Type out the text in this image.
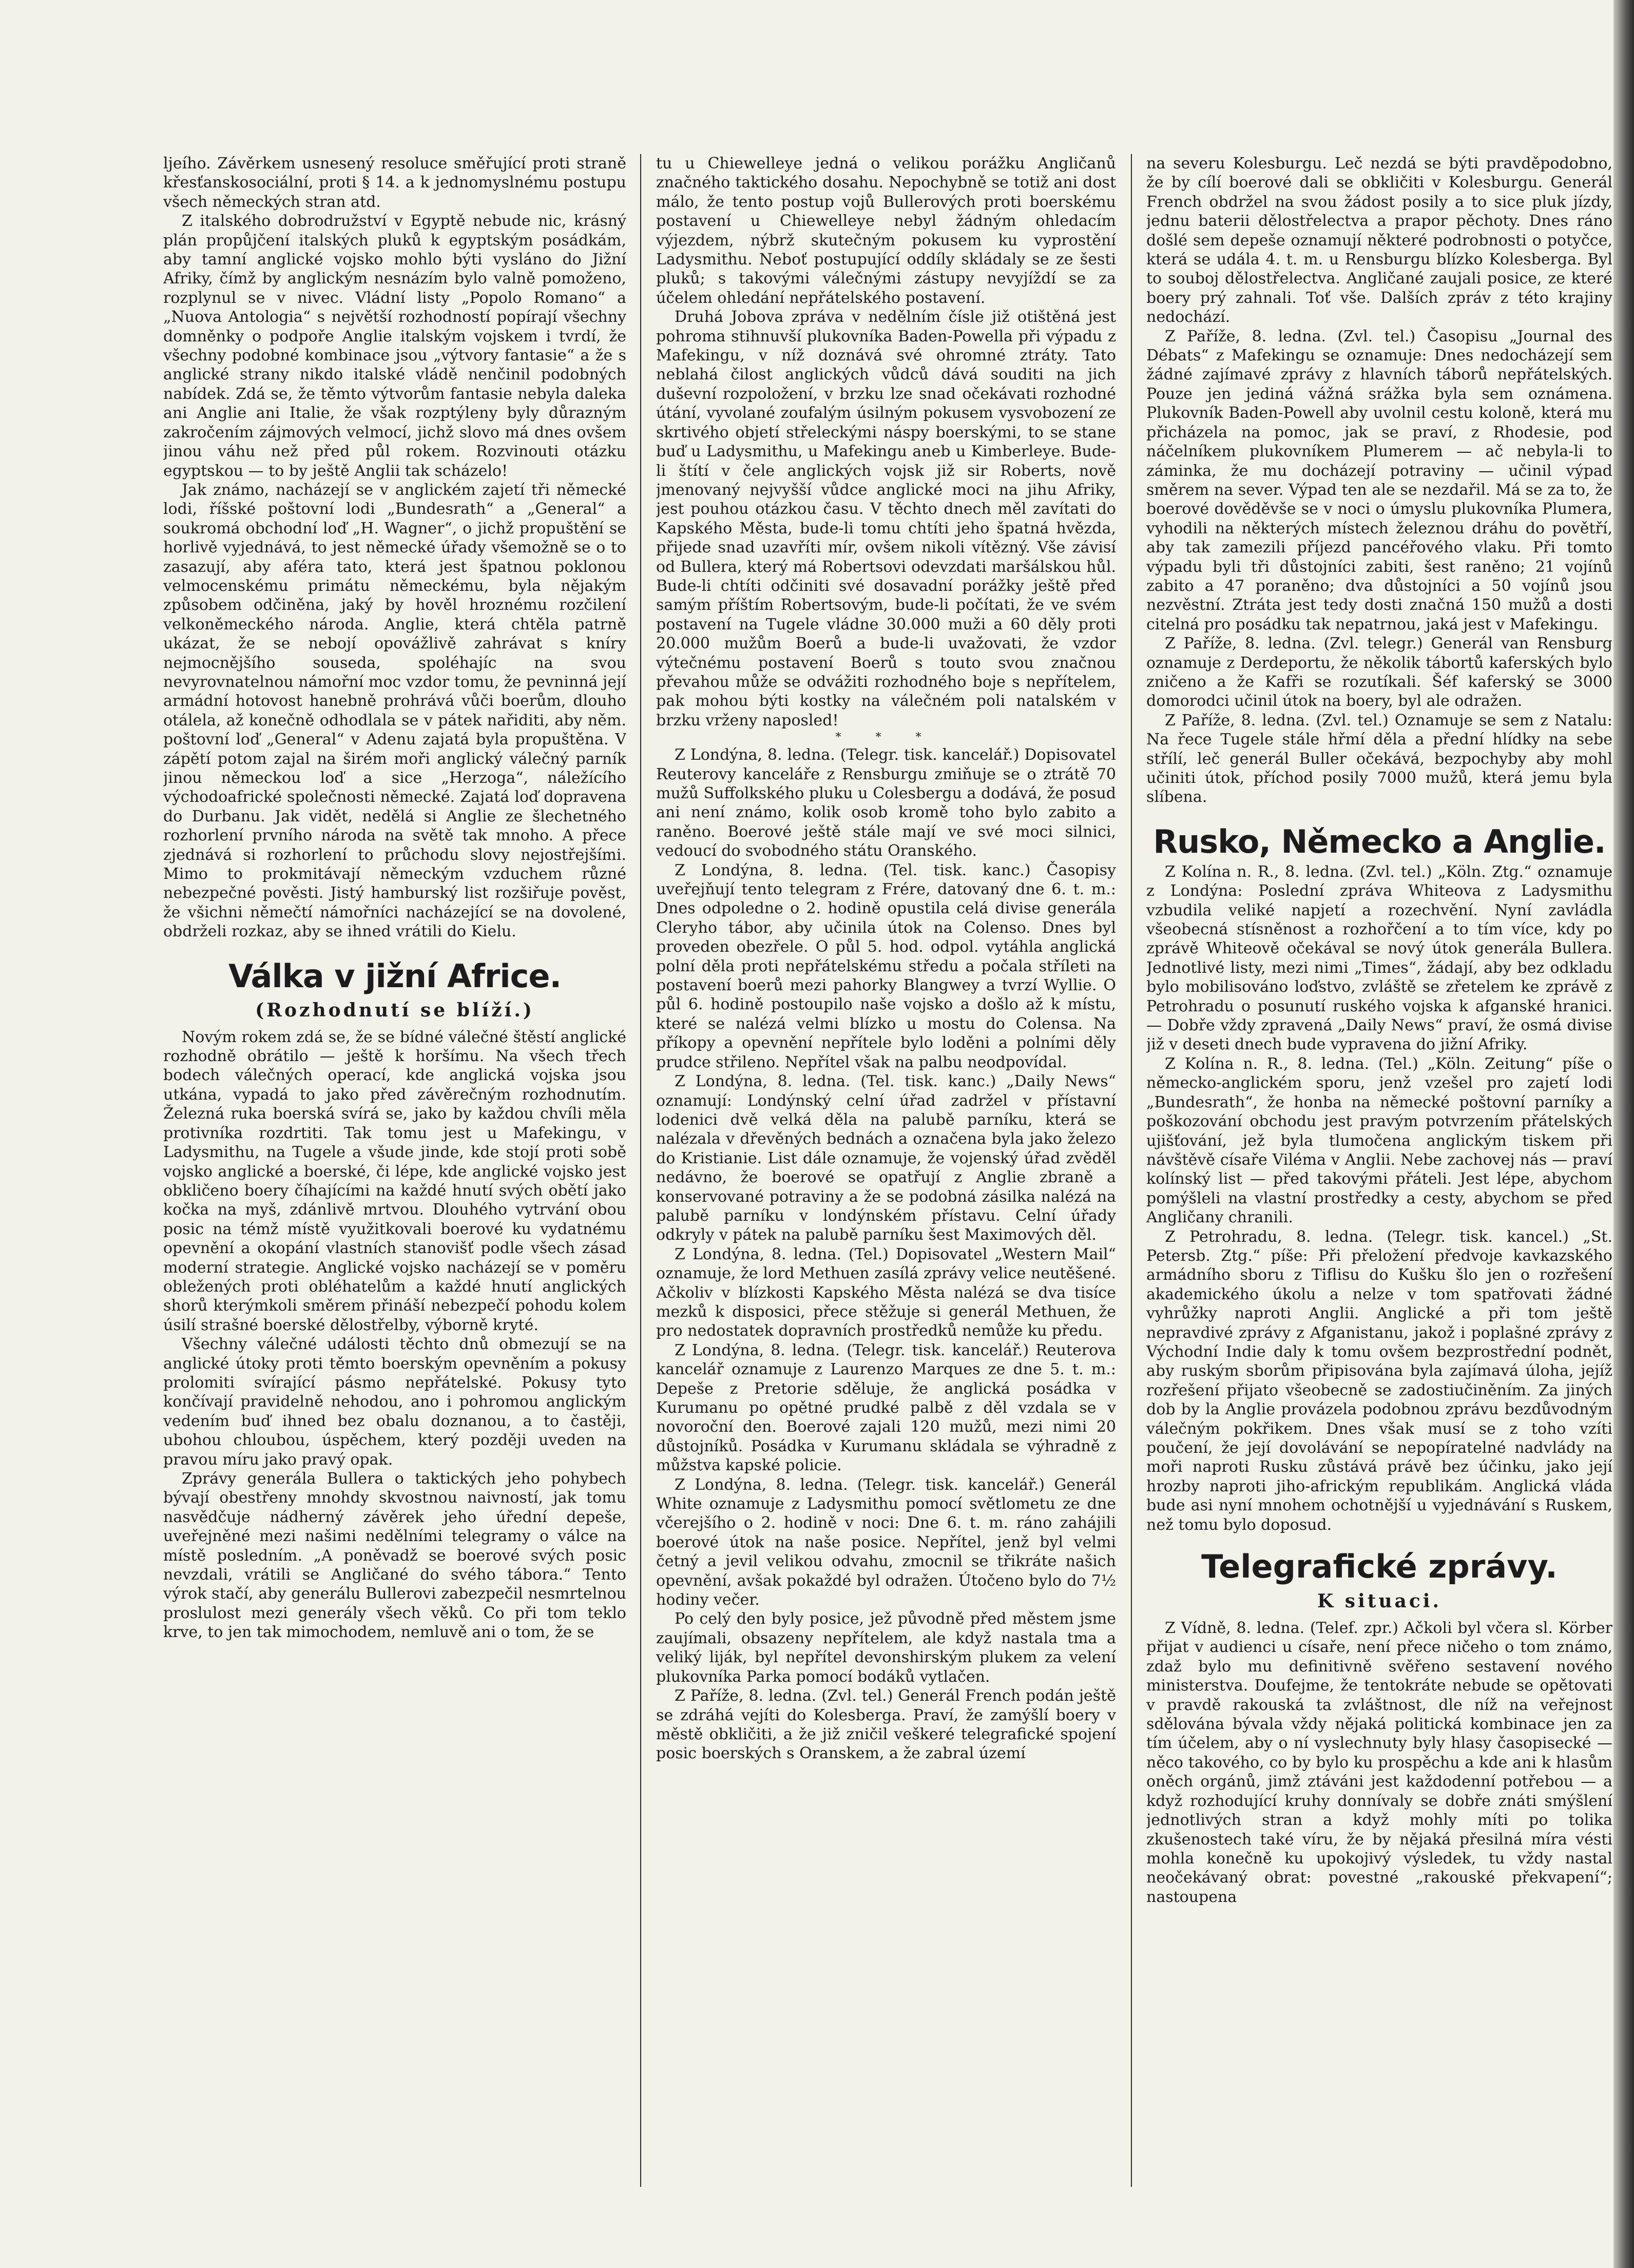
ljeího. Závěrkem usnesený resoluce směřující proti straně křesťanskosociální, proti § 14. a k jednomyslnému postupu všech německých stran atd.

Z italského dobrodružství v Egyptě nebude nic, krásný plán propůjčení italských pluků k egyptským posádkám, aby tamní anglické vojsko mohlo býti vysláno do Jižní Afriky, čímž by anglickým nesnázím bylo valně pomoženo, rozplynul se v nivec. Vládní listy „Popolo Romano“ a „Nuova Antologia“ s největší rozhodností popírají všechny domněnky o podpoře Anglie italským vojskem i tvrdí, že všechny podobné kombinace jsou „výtvory fantasie“ a že s anglické strany nikdo italské vládě nenčinil podobných nabídek. Zdá se, že těmto výtvorům fantasie nebyla daleka ani Anglie ani Italie, že však rozptýleny byly důrazným zakročením zájmových velmocí, jichž slovo má dnes ovšem jinou váhu než před půl rokem. Rozvinouti otázku egyptskou — to by ještě Anglii tak scházelo!

Jak známo, nacházejí se v anglickém zajetí tři německé lodi, říšské poštovní lodi „Bundesrath“ a „General“ a soukromá obchodní loď „H. Wagner“, o jichž propuštění se horlivě vyjednává, to jest německé úřady všemožně se o to zasazují, aby aféra tato, která jest špatnou poklonou velmocenskému primátu německému, byla nějakým způsobem odčiněna, jaký by hověl hroznému rozčilení velkoněmeckého národa. Anglie, která chtěla patrně ukázat, že se nebojí opovážlivě zahrávat s kníry nejmocnějšího souseda, spoléhajíc na svou nevyrovnatelnou námořní moc vzdor tomu, že pevninná její armádní hotovost hanebně prohrává vůči boerům, dlouho otálela, až konečně odhodlala se v pátek nařiditi, aby něm. poštovní loď „General“ v Adenu zajatá byla propuštěna. V zápětí potom zajal na širém moři anglický válečný parník jinou německou loď a sice „Herzoga“, náležícího východoafrické společnosti německé. Zajatá loď dopravena do Durbanu. Jak vidět, nedělá si Anglie ze šlechetného rozhorlení prvního národa na světě tak mnoho. A přece zjednává si rozhorlení to průchodu slovy nejostřejšími. Mimo to prokmitávají německým vzduchem různé nebezpečné pověsti. Jistý hamburský list rozšiřuje pověst, že všichni němečtí námořníci nacházející se na dovolené, obdrželi rozkaz, aby se ihned vrátili do Kielu.

Válka v jižní Africe.

(Rozhodnutí se blíží.)

Novým rokem zdá se, že se bídné válečné štěstí anglické rozhodně obrátilo — ještě k horšímu. Na všech třech bodech válečných operací, kde anglická vojska jsou utkána, vypadá to jako před závěrečným rozhodnutím. Železná ruka boerská svírá se, jako by každou chvíli měla protivníka rozdrtiti. Tak tomu jest u Mafekingu, v Ladysmithu, na Tugele a všude jinde, kde stojí proti sobě vojsko anglické a boerské, či lépe, kde anglické vojsko jest obkličeno boery číhajícími na každé hnutí svých obětí jako kočka na myš, zdánlivě mrtvou. Dlouhého vytrvání obou posic na témž místě využitkovali boerové ku vydatnému opevnění a okopání vlastních stanovišť podle všech zásad moderní strategie. Anglické vojsko nacházejí se v poměru obležených proti obléhatelům a každé hnutí anglických shorů kterýmkoli směrem přináší nebezpečí pohodu kolem úsilí strašné boerské dělostřelby, výborně kryté.

Všechny válečné události těchto dnů obmezují se na anglické útoky proti těmto boerským opevněním a pokusy prolomiti svírající pásmo nepřátelské. Pokusy tyto končívají pravidelně nehodou, ano i pohromou anglickým vedením buď ihned bez obalu doznanou, a to častěji, ubohou chloubou, úspěchem, který později uveden na pravou míru jako pravý opak.

Zprávy generála Bullera o taktických jeho pohybech bývají obestřeny mnohdy skvostnou naivností, jak tomu nasvědčuje nádherný závěrek jeho úřední depeše, uveřejněné mezi našimi nedělními telegramy o válce na místě posledním. „A poněvadž se boerové svých posic nevzdali, vrátili se Angličané do svého tábora.“ Tento výrok stačí, aby generálu Bullerovi zabezpečil nesmrtelnou proslulost mezi generály všech věků. Co při tom teklo krve, to jen tak mimochodem, nemluvě ani o tom, že se

tu u Chiewelleye jedná o velikou porážku Angličanů značného taktického dosahu. Nepochybně se totiž ani dost málo, že tento postup vojů Bullerových proti boerskému postavení u Chiewelleye nebyl žádným ohledacím výjezdem, nýbrž skutečným pokusem ku vyprostění Ladysmithu. Neboť postupující oddíly skládaly se ze šesti pluků; s takovými válečnými zástupy nevyjíždí se za účelem ohledání nepřátelského postavení.

Druhá Jobova zpráva v nedělním čísle již otištěná jest pohroma stihnuvší plukovníka Baden-Powella při výpadu z Mafekingu, v níž doznává své ohromné ztráty. Tato neblahá čilost anglických vůdců dává souditi na jich duševní rozpoložení, v brzku lze snad očekávati rozhodné útání, vyvolané zoufalým úsilným pokusem vysvobození ze skrtivého objetí střeleckými náspy boerskými, to se stane buď u Ladysmithu, u Mafekingu aneb u Kimberleye. Bude-li štítí v čele anglických vojsk již sir Roberts, nově jmenovaný nejvyšší vůdce anglické moci na jihu Afriky, jest pouhou otázkou času. V těchto dnech měl zavítati do Kapského Města, bude-li tomu chtíti jeho špatná hvězda, přijede snad uzavříti mír, ovšem nikoli vítězný. Vše závisí od Bullera, který má Robertsovi odevzdati maršálskou hůl. Bude-li chtíti odčiniti své dosavadní porážky ještě před samým příštím Robertsovým, bude-li počítati, že ve svém postavení na Tugele vládne 30.000 muži a 60 děly proti 20.000 mužům Boerů a bude-li uvažovati, že vzdor výtečnému postavení Boerů s touto svou značnou převahou může se odvážiti rozhodného boje s nepřítelem, pak mohou býti kostky na válečném poli natalském v brzku vrženy naposled!

* * *

Z Londýna, 8. ledna. (Telegr. tisk. kancelář.) Dopisovatel Reuterovy kanceláře z Rensburgu zmiňuje se o ztrátě 70 mužů Suffolkského pluku u Colesbergu a dodává, že posud ani není známo, kolik osob kromě toho bylo zabito a raněno. Boerové ještě stále mají ve své moci silnici, vedoucí do svobodného státu Oranského.

Z Londýna, 8. ledna. (Tel. tisk. kanc.) Časopisy uveřejňují tento telegram z Frére, datovaný dne 6. t. m.: Dnes odpoledne o 2. hodině opustila celá divise generála Cleryho tábor, aby učinila útok na Colenso. Dnes byl proveden obezřele. O půl 5. hod. odpol. vytáhla anglická polní děla proti nepřátelskému středu a počala stříleti na postavení boerů mezi pahorky Blangwey a tvrzí Wyllie. O půl 6. hodině postoupilo naše vojsko a došlo až k místu, které se nalézá velmi blízko u mostu do Colensa. Na příkopy a opevnění nepřítele bylo loděni a polními děly prudce střileno. Nepřítel však na palbu neodpovídal.

Z Londýna, 8. ledna. (Tel. tisk. kanc.) „Daily News“ oznamují: Londýnský celní úřad zadržel v přístavní lodenici dvě velká děla na palubě parníku, která se nalézala v dřevěných bednách a označena byla jako železo do Kristianie. List dále oznamuje, že vojenský úřad zvěděl nedávno, že boerové se opatřují z Anglie zbraně a konservované potraviny a že se podobná zásilka nalézá na palubě parníku v londýnském přístavu. Celní úřady odkryly v pátek na palubě parníku šest Maximových děl.

Z Londýna, 8. ledna. (Tel.) Dopisovatel „Western Mail“ oznamuje, že lord Methuen zasílá zprávy velice neutěšené. Ačkoliv v blízkosti Kapského Města nalézá se dva tisíce mezků k disposici, přece stěžuje si generál Methuen, že pro nedostatek dopravních prostředků nemůže ku předu.

Z Londýna, 8. ledna. (Telegr. tisk. kancelář.) Reuterova kancelář oznamuje z Laurenzo Marques ze dne 5. t. m.: Depeše z Pretorie sděluje, že anglická posádka v Kurumanu po opětné prudké palbě z děl vzdala se v novoroční den. Boerové zajali 120 mužů, mezi nimi 20 důstojníků. Posádka v Kurumanu skládala se výhradně z můžstva kapské policie.

Z Londýna, 8. ledna. (Telegr. tisk. kancelář.) Generál White oznamuje z Ladysmithu pomocí světlometu ze dne včerejšího o 2. hodině v noci: Dne 6. t. m. ráno zahájili boerové útok na naše posice. Nepřítel, jenž byl velmi četný a jevil velikou odvahu, zmocnil se třikráte našich opevnění, avšak pokaždé byl odražen. Útočeno bylo do 7½ hodiny večer.

Po celý den byly posice, jež původně před městem jsme zaujímali, obsazeny nepřítelem, ale když nastala tma a veliký liják, byl nepřítel devonshirským plukem za velení plukovníka Parka pomocí bodáků vytlačen.

Z Paříže, 8. ledna. (Zvl. tel.) Generál French podán ještě se zdráhá vejíti do Kolesberga. Praví, že zamýšlí boery v městě obkličiti, a že již zničil veškeré telegrafické spojení posic boerských s Oranskem, a že zabral území

na severu Kolesburgu. Leč nezdá se býti pravděpodobno, že by cílí boerové dali se obkličiti v Kolesburgu. Generál French obdržel na svou žádost posily a to sice pluk jízdy, jednu baterii dělostřelectva a prapor pěchoty. Dnes ráno došlé sem depeše oznamují některé podrobnosti o potyčce, která se udála 4. t. m. u Rensburgu blízko Kolesberga. Byl to souboj dělostřelectva. Angličané zaujali posice, ze které boery prý zahnali. Toť vše. Dalších zpráv z této krajiny nedochází.

Z Paříže, 8. ledna. (Zvl. tel.) Časopisu „Journal des Débats“ z Mafekingu se oznamuje: Dnes nedocházejí sem žádné zajímavé zprávy z hlavních táborů nepřátelských. Pouze jen jediná vážná srážka byla sem oznámena. Plukovník Baden-Powell aby uvolnil cestu koloně, která mu přicházela na pomoc, jak se praví, z Rhodesie, pod náčelníkem plukovníkem Plumerem — ač nebyla-li to záminka, že mu docházejí potraviny — učinil výpad směrem na sever. Výpad ten ale se nezdařil. Má se za to, že boerové dověděvše se v noci o úmyslu plukovníka Plumera, vyhodili na některých místech železnou dráhu do povětří, aby tak zamezili příjezd pancéřového vlaku. Při tomto výpadu byli tři důstojníci zabiti, šest raněno; 21 vojínů zabito a 47 poraněno; dva důstojníci a 50 vojínů jsou nezvěstní. Ztráta jest tedy dosti značná 150 mužů a dosti citelná pro posádku tak nepatrnou, jaká jest v Mafekingu.

Z Paříže, 8. ledna. (Zvl. telegr.) Generál van Rensburg oznamuje z Derdeportu, že několik tábortů kaferských bylo zničeno a že Kafři se rozutíkali. Šéf kaferský se 3000 domorodci učinil útok na boery, byl ale odražen.

Z Paříže, 8. ledna. (Zvl. tel.) Oznamuje se sem z Natalu: Na řece Tugele stále hřmí děla a přední hlídky na sebe střílí, leč generál Buller očekává, bezpochyby aby mohl učiniti útok, příchod posily 7000 mužů, která jemu byla slíbena.

Rusko, Německo a Anglie.

Z Kolína n. R., 8. ledna. (Zvl. tel.) „Köln. Ztg.“ oznamuje z Londýna: Poslední zpráva Whiteova z Ladysmithu vzbudila veliké napjetí a rozechvění. Nyní zavládla všeobecná stísněnost a rozhořčení a to tím více, kdy po zprávě Whiteově očekával se nový útok generála Bullera. Jednotlivé listy, mezi nimi „Times“, žádají, aby bez odkladu bylo mobilisováno loďstvo, zvláště se zřetelem ke zprávě z Petrohradu o posunutí ruského vojska k afganské hranici. — Dobře vždy zpravená „Daily News“ praví, že osmá divise již v deseti dnech bude vypravena do jižní Afriky.

Z Kolína n. R., 8. ledna. (Tel.) „Köln. Zeitung“ píše o německo-anglickém sporu, jenž vzešel pro zajetí lodi „Bundesrath“, že honba na německé poštovní parníky a poškozování obchodu jest pravým potvrzením přátelských ujišťování, jež byla tlumočena anglickým tiskem při návštěvě císaře Viléma v Anglii. Nebe zachovej nás — praví kolínský list — před takovými přáteli. Jest lépe, abychom pomýšleli na vlastní prostředky a cesty, abychom se před Angličany chranili.

Z Petrohradu, 8. ledna. (Telegr. tisk. kancel.) „St. Petersb. Ztg.“ píše: Při přeložení předvoje kavkazského armádního sboru z Tiflisu do Kušku šlo jen o rozřešení akademického úkolu a nelze v tom spatřovati žádné vyhrůžky naproti Anglii. Anglické a při tom ještě nepravdivé zprávy z Afganistanu, jakož i poplašné zprávy z Východní Indie daly k tomu ovšem bezprostřední podnět, aby ruským sborům připisována byla zajímavá úloha, jejíž rozřešení přijato všeobecně se zadostiučiněním. Za jiných dob by la Anglie provázela podobnou zprávu bezdůvodným válečným pokřikem. Dnes však musí se z toho vzíti poučení, že její dovolávání se nepopíratelné nadvlády na moři naproti Rusku zůstává právě bez účinku, jako její hrozby naproti jiho-africkým republikám. Anglická vláda bude asi nyní mnohem ochotnější u vyjednávání s Ruskem, než tomu bylo doposud.

Telegrafické zprávy.

K situaci.

Z Vídně, 8. ledna. (Telef. zpr.) Ačkoli byl včera sl. Körber přijat v audienci u císaře, není přece ničeho o tom známo, zdaž bylo mu definitivně svěřeno sestavení nového ministerstva. Doufejme, že tentokráte nebude se opětovati v pravdě rakouská ta zvláštnost, dle níž na veřejnost sdělována bývala vždy nějaká politická kombinace jen za tím účelem, aby o ní vyslechnuty byly hlasy časopisecké — něco takového, co by bylo ku prospěchu a kde ani k hlasům oněch orgánů, jimž ztáváni jest každodenní potřebou — a když rozhodující kruhy donnívaly se dobře znáti smýšlení jednotlivých stran a když mohly míti po tolika zkušenostech také víru, že by nějaká přesilná míra vésti mohla konečně ku upokojivý výsledek, tu vždy nastal neočekávaný obrat: povestné „rakouské překvapení“; nastoupena
